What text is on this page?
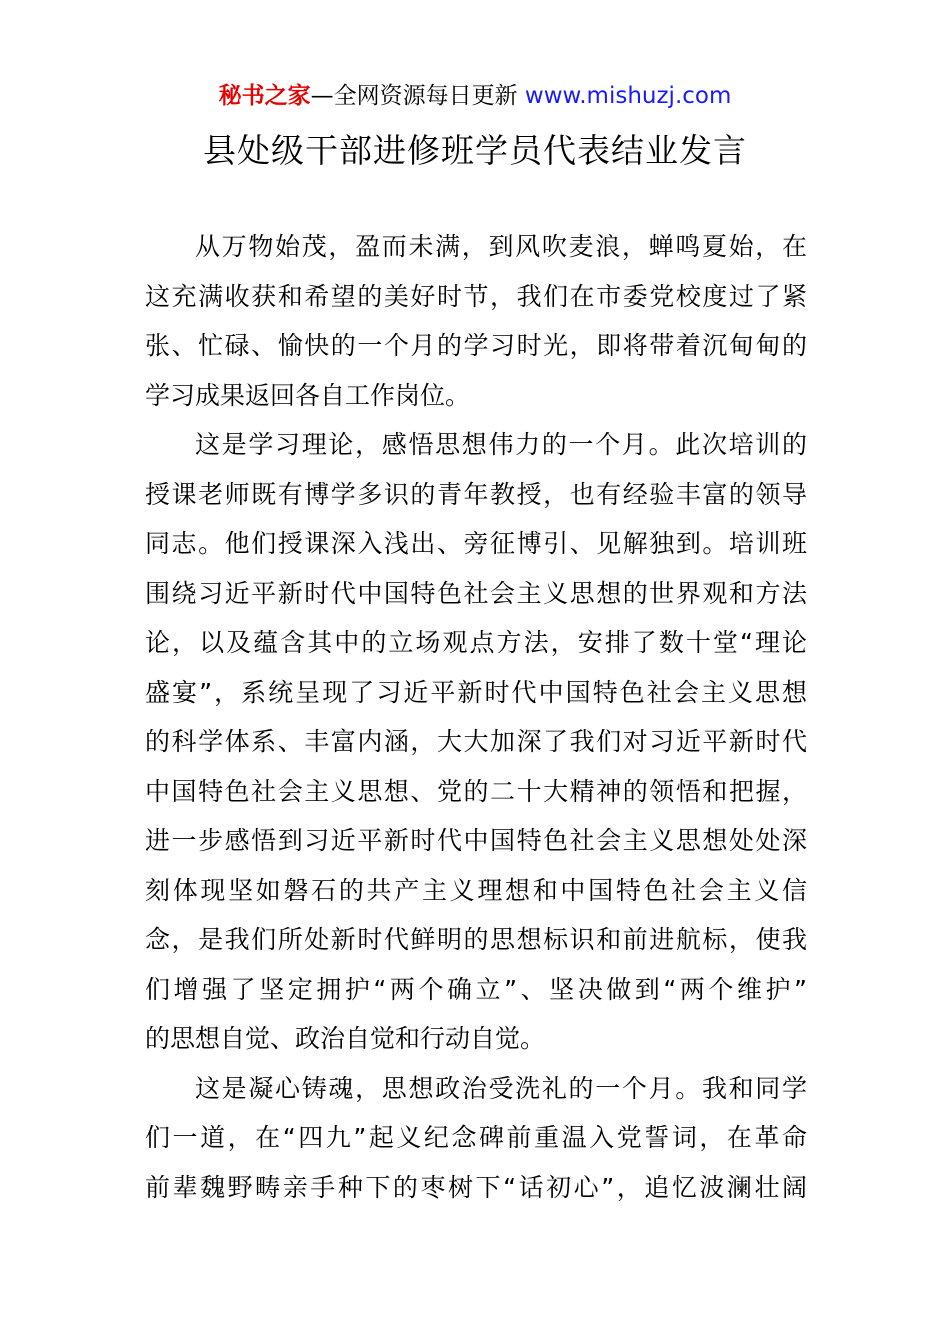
秘书之家—全网资源每日更新 www.mishuzj.com
县处级干部进修班学员代表结业发言
从万物始茂，盈而未满，到风吹麦浪，蝉鸣夏始，在
这充满收获和希望的美好时节，我们在市委党校度过了紧
张、忙碌、愉快的一个月的学习时光，即将带着沉甸甸的
学习成果返回各自工作岗位。
这是学习理论，感悟思想伟力的一个月。此次培训的
授课老师既有博学多识的青年教授，也有经验丰富的领导
同志。他们授课深入浅出、旁征博引、见解独到。培训班
围绕习近平新时代中国特色社会主义思想的世界观和方法
论，以及蕴含其中的立场观点方法，安排了数十堂“理论
盛宴”，系统呈现了习近平新时代中国特色社会主义思想
的科学体系、丰富内涵，大大加深了我们对习近平新时代
中国特色社会主义思想、党的二十大精神的领悟和把握，
进一步感悟到习近平新时代中国特色社会主义思想处处深
刻体现坚如磐石的共产主义理想和中国特色社会主义信
念，是我们所处新时代鲜明的思想标识和前进航标，使我
们增强了坚定拥护“两个确立”、坚决做到“两个维护”
的思想自觉、政治自觉和行动自觉。
这是凝心铸魂，思想政治受洗礼的一个月。我和同学
们一道，在“四九”起义纪念碑前重温入党誓词，在革命
前辈魏野畴亲手种下的枣树下“话初心”，追忆波澜壮阔
